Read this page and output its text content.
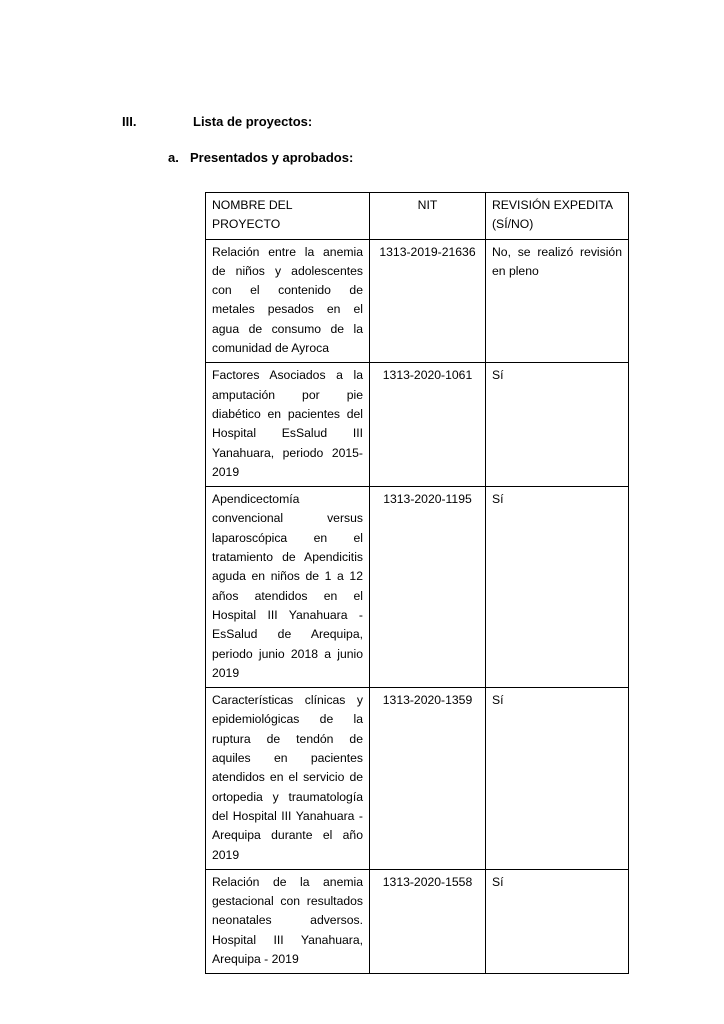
III.	Lista de proyectos:
a. Presentados y aprobados:
NOMBRE DEL PROYECTO	NIT	REVISIÓN EXPEDITA (SÍ/NO)
Relación entre la anemia de niños y adolescentes con el contenido de metales pesados en el agua de consumo de la comunidad de Ayroca	1313-2019-21636	No, se realizó revisión en pleno
Factores Asociados a la amputación por pie diabético en pacientes del Hospital EsSalud III Yanahuara, periodo 2015-2019	1313-2020-1061	Sí
Apendicectomía convencional versus laparoscópica en el tratamiento de Apendicitis aguda en niños de 1 a 12 años atendidos en el Hospital III Yanahuara - EsSalud de Arequipa, periodo junio 2018 a junio 2019	1313-2020-1195	Sí
Características clínicas y epidemiológicas de la ruptura de tendón de aquiles en pacientes atendidos en el servicio de ortopedia y traumatología del Hospital III Yanahuara - Arequipa durante el año 2019	1313-2020-1359	Sí
Relación de la anemia gestacional con resultados neonatales adversos. Hospital III Yanahuara, Arequipa - 2019	1313-2020-1558	Sí
